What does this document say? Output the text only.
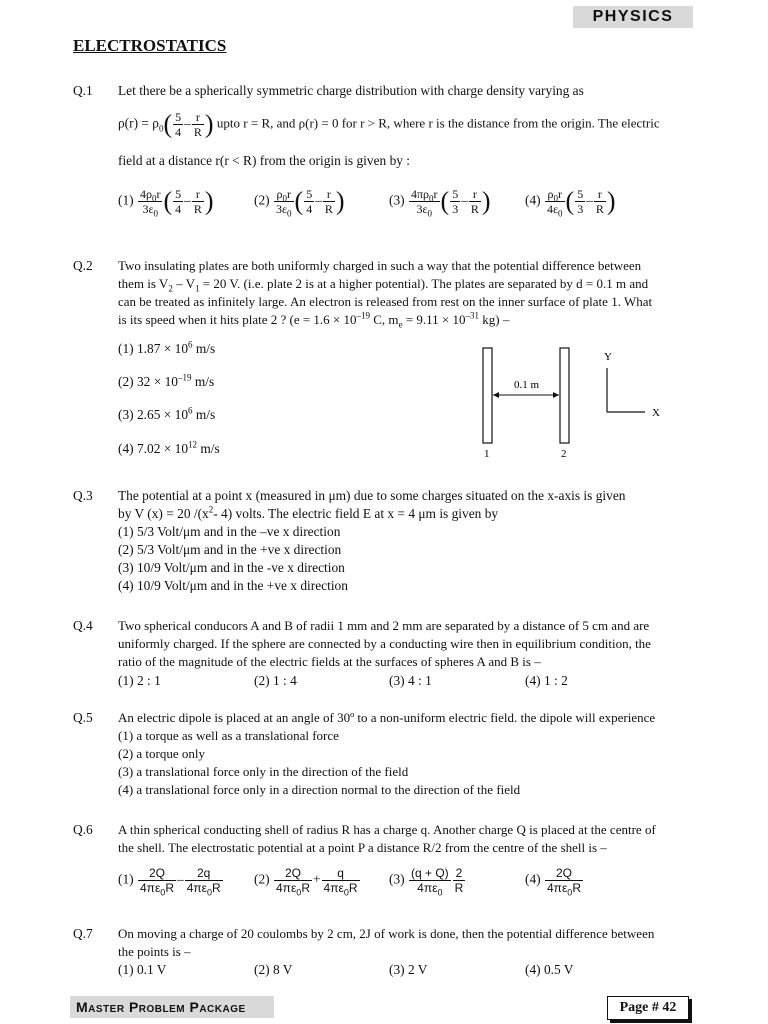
PHYSICS
ELECTROSTATICS
Q.1 Let there be a spherically symmetric charge distribution with charge density varying as
$\rho(r) = \rho_0( \frac{5}{4} - \frac{r}{R}$ ) upto r = R, and ρ(r) = 0 for r > R, where r is the distance from the origin. The electric
field at a distance r(r < R) from the origin is given by :
$(1) \frac{4\rho_0r}{3\varepsilon_0}$ ( $\frac{5}{4} - \frac{r}{R}$ )	$(2) \frac{\rho_0r}{3\varepsilon_0}$ ( $\frac{5}{4} - \frac{r}{R}$ )	$(3) \frac{4\pi\rho_0r}{3\varepsilon_0}$ ( $\frac{5}{3} - \frac{r}{R}$ )	$(4) \frac{\rho_0r}{4\varepsilon_0}$ ( $\frac{5}{3} - \frac{r}{R}$ )
Q.2 Two insulating plates are both uniformly charged in such a way that the potential difference between
them is $V_2 - V_1 = 20$ V. (i.e. plate 2 is at a higher potential). The plates are separated by d = 0.1 m and
can be treated as infinitely large. An electron is released from rest on the inner surface of plate 1. What
is its speed when it hits plate 2 ? ($e = 1.6 \times 10^{-19}$ C, $m_e = 9.11 \times 10^{-31}$ kg) –
(1) $1.87 \times 10^6$ m/s
(2) $32 \times 10^{-19}$ m/s
(3) $2.65 \times 10^6$ m/s
(4) $7.02 \times 10^{12}$ m/s
0.1 m
1	2
Y
X
Q.3 The potential at a point x (measured in μm) due to some charges situated on the x-axis is given
by V (x) = 20 $/(x^2-$ 4) volts. The electric field E at x = 4 μm is given by
(1) 5/3 Volt/μm and in the –ve x direction
(2) 5/3 Volt/μm and in the +ve x direction
(3) 10/9 Volt/μm and in the -ve x direction
(4) 10/9 Volt/μm and in the +ve x direction
Q.4 Two spherical conducors A and B of radii 1 mm and 2 mm are separated by a distance of 5 cm and are
uniformly charged. If the sphere are connected by a conducting wire then in equilibrium condition, the
ratio of the magnitude of the electric fields at the surfaces of spheres A and B is –
(1) 2 : 1	(2) 1 : 4	(3) 4 : 1	(4) 1 : 2
Q.5 An electric dipole is placed at an angle of 30º to a non-uniform electric field. the dipole will experience
(1) a torque as well as a translational force
(2) a torque only
(3) a translational force only in the direction of the field
(4) a translational force only in a direction normal to the direction of the field
Q.6 A thin spherical conducting shell of radius R has a charge q. Another charge Q is placed at the centre of
the shell. The electrostatic potential at a point P a distance R/2 from the centre of the shell is –
$(1) \frac{2Q}{4\pi\varepsilon_0R} - \frac{2q}{4\pi\varepsilon_0R} (2) \frac{2Q}{4\pi\varepsilon_0R} + \frac{q}{4\pi\varepsilon_0R} (3) \frac{(q + Q)}{4\pi\varepsilon_0} \frac{2}{R}$	$(4) \frac{2Q}{4\pi\varepsilon_0R}$
Q.7 On moving a charge of 20 coulombs by 2 cm, 2J of work is done, then the potential difference between
the points is –
(1) 0.1 V	(2) 8 V	(3) 2 V	(4) 0.5 V
Master Problem Package	Page # 42
